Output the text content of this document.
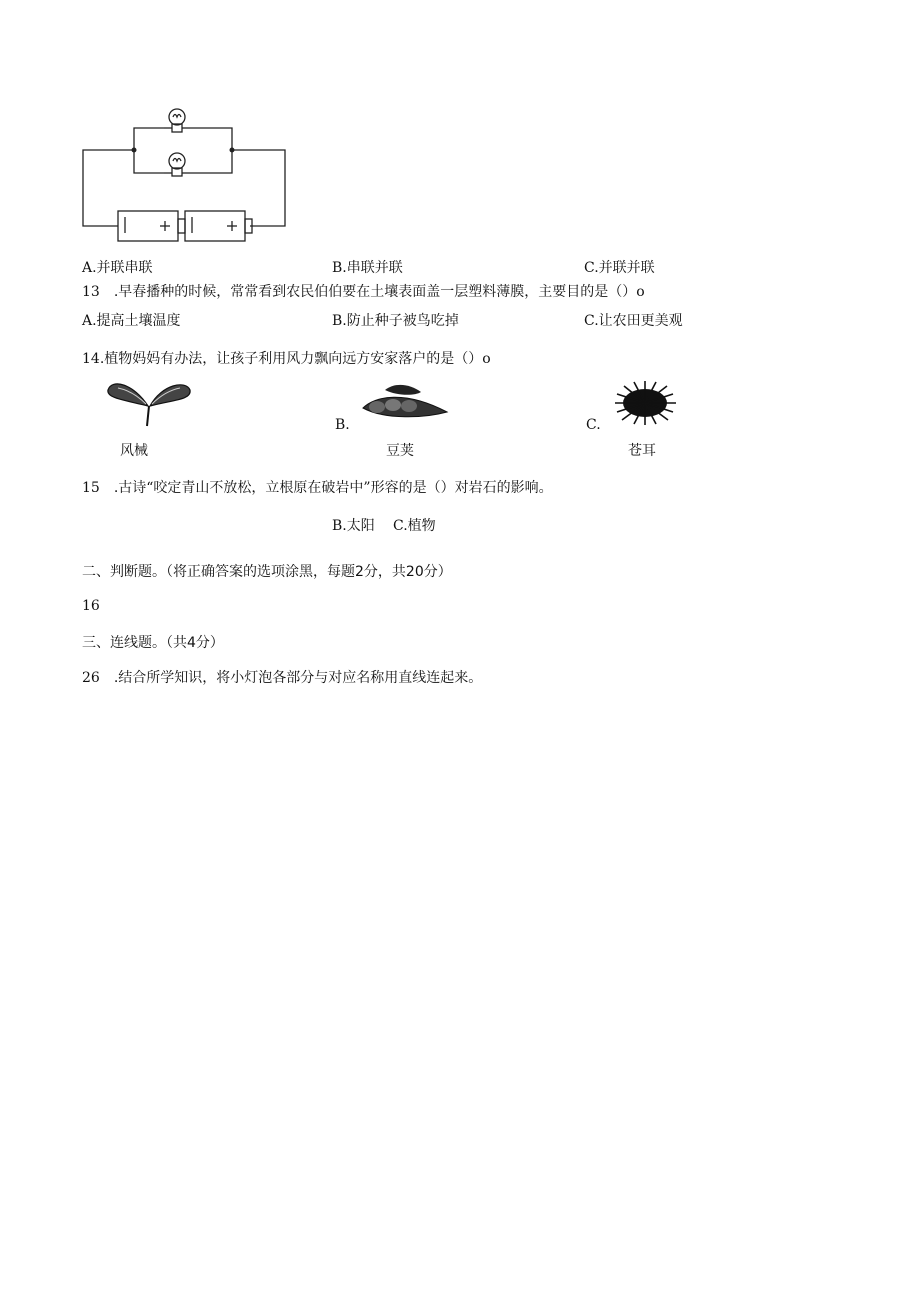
A.并联串联	B.串联并联	C.并联并联
13　.早春播种的时候，常常看到农民伯伯要在土壤表面盖一层塑料薄膜，主要目的是（）o
A.提高土壤温度	B.防止种子被鸟吃掉	C.让农田更美观
14.植物妈妈有办法，让孩子利用风力飘向远方安家落户的是（）o
B.	C.
风械	豆荚	苍耳
15　.古诗“咬定青山不放松，立根原在破岩中”形容的是（）对岩石的影响。
B.太阳 C.植物
二、判断题。（将正确答案的选项涂黑，每题2分，共20分）
16
三、连线题。（共4分）
26　.结合所学知识，将小灯泡各部分与对应名称用直线连起来。
